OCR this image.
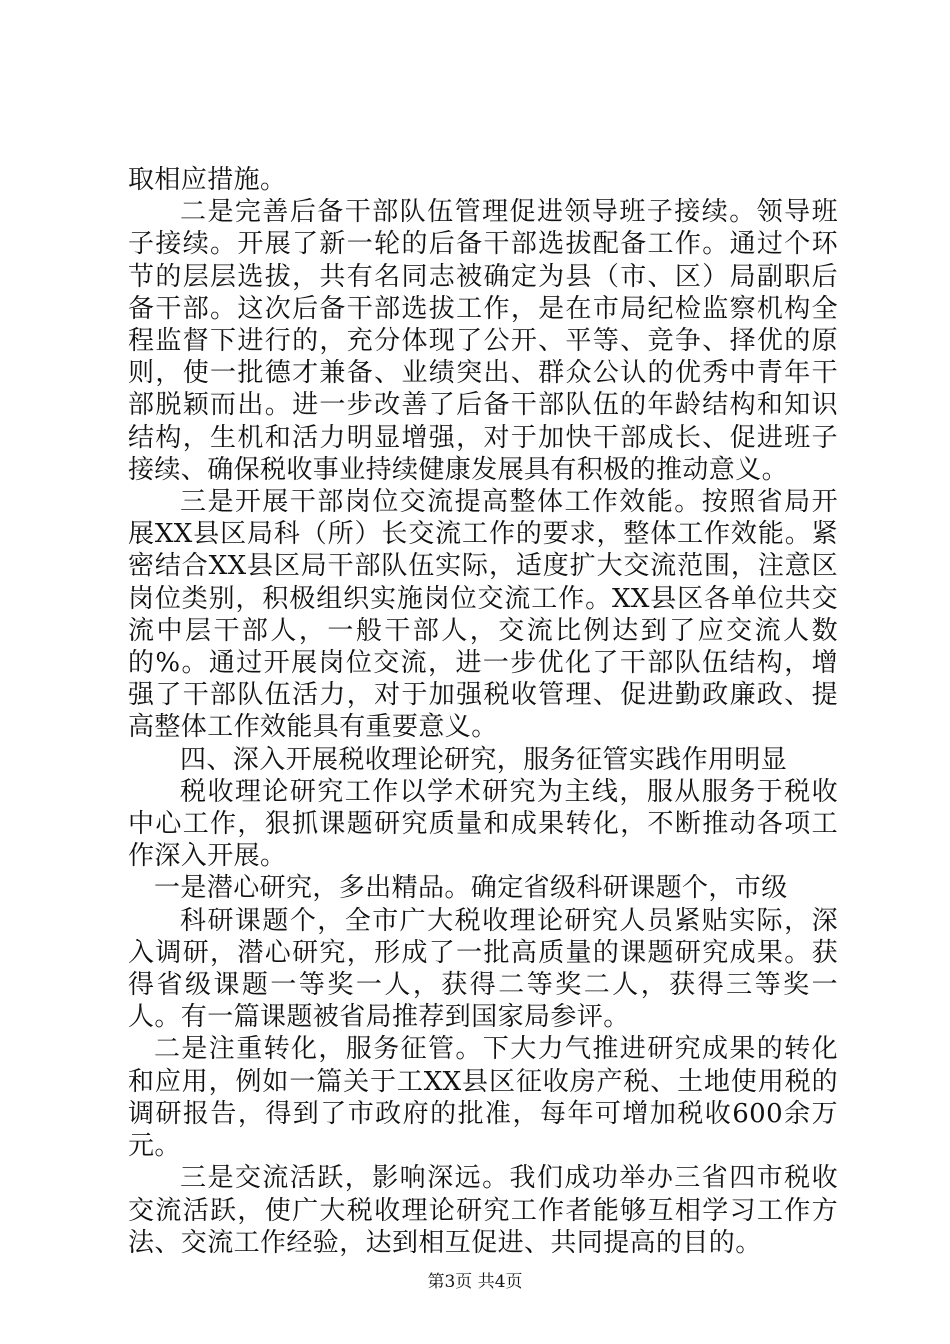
取相应措施。

二是完善后备干部队伍管理促进领导班子接续。领导班子接续。开展了新一轮的后备干部选拔配备工作。通过个环节的层层选拔，共有名同志被确定为县（市、区）局副职后备干部。这次后备干部选拔工作，是在市局纪检监察机构全程监督下进行的，充分体现了公开、平等、竞争、择优的原则，使一批德才兼备、业绩突出、群众公认的优秀中青年干部脱颖而出。进一步改善了后备干部队伍的年龄结构和知识结构，生机和活力明显增强，对于加快干部成长、促进班子接续、确保税收事业持续健康发展具有积极的推动意义。

三是开展干部岗位交流提高整体工作效能。按照省局开展XX县区局科（所）长交流工作的要求，整体工作效能。紧密结合XX县区局干部队伍实际，适度扩大交流范围，注意区岗位类别，积极组织实施岗位交流工作。XX县区各单位共交流中层干部人，一般干部人，交流比例达到了应交流人数的%。通过开展岗位交流，进一步优化了干部队伍结构，增强了干部队伍活力，对于加强税收管理、促进勤政廉政、提高整体工作效能具有重要意义。

四、深入开展税收理论研究，服务征管实践作用明显

税收理论研究工作以学术研究为主线，服从服务于税收中心工作，狠抓课题研究质量和成果转化，不断推动各项工作深入开展。

一是潜心研究，多出精品。确定省级科研课题个，市级

科研课题个，全市广大税收理论研究人员紧贴实际，深入调研，潜心研究，形成了一批高质量的课题研究成果。获得省级课题一等奖一人，获得二等奖二人，获得三等奖一人。有一篇课题被省局推荐到国家局参评。

二是注重转化，服务征管。下大力气推进研究成果的转化和应用，例如一篇关于工XX县区征收房产税、土地使用税的调研报告，得到了市政府的批准，每年可增加税收600余万元。

三是交流活跃，影响深远。我们成功举办三省四市税收交流活跃，使广大税收理论研究工作者能够互相学习工作方法、交流工作经验，达到相互促进、共同提高的目的。

第3页 共4页
